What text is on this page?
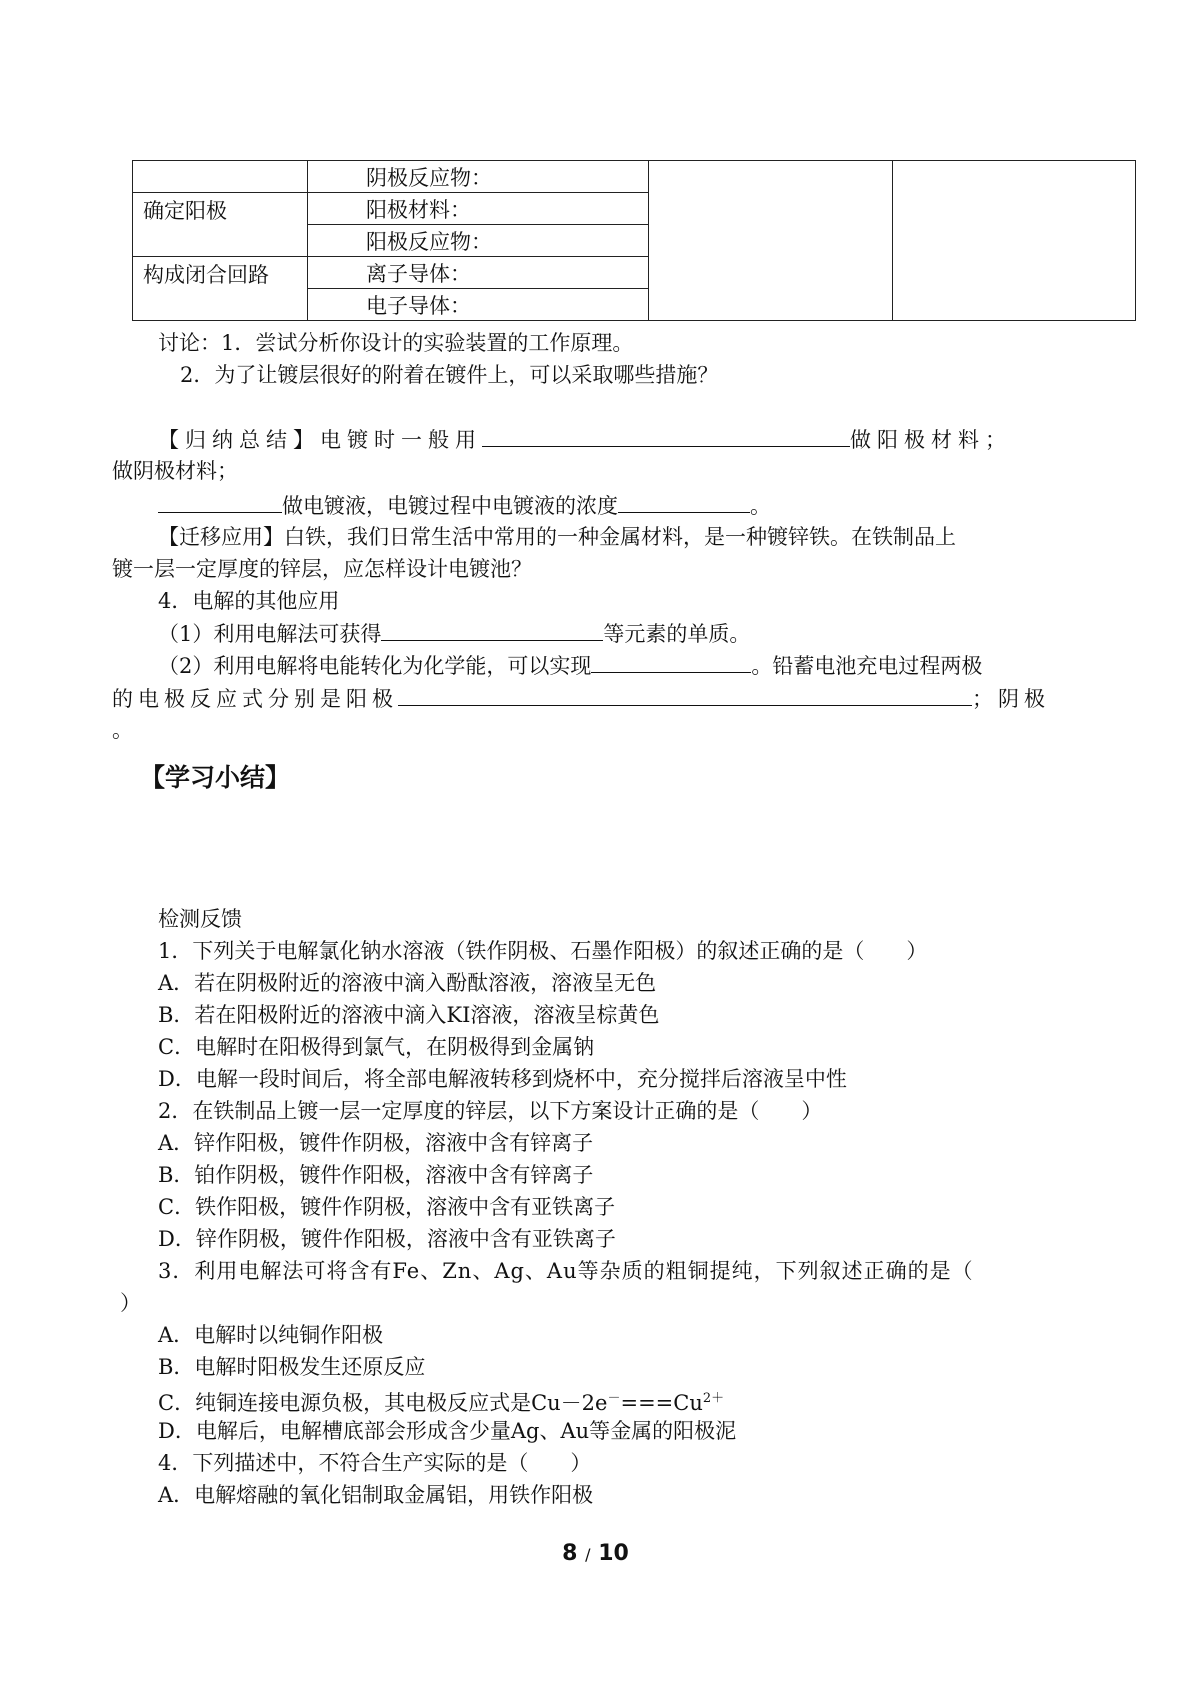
	阴极反应物：		
确定阳极	阳极材料：		
	阳极反应物：		
构成闭合回路	离子导体：		
	电子导体：		
讨论：1．尝试分析你设计的实验装置的工作原理。
2．为了让镀层很好的附着在镀件上，可以采取哪些措施？
【归纳总结】电镀时一般用	做阳极材料；
做阴极材料；
做电镀液，电镀过程中电镀液的浓度	。
【迁移应用】白铁，我们日常生活中常用的一种金属材料，是一种镀锌铁。在铁制品上
镀一层一定厚度的锌层，应怎样设计电镀池？
4．电解的其他应用
（1）利用电解法可获得	等元素的单质。
（2）利用电解将电能转化为化学能，可以实现	。铅蓄电池充电过程两极
的电极反应式分别是阳极	；阴极
。
【学习小结】
检测反馈
1．下列关于电解氯化钠水溶液（铁作阴极、石墨作阳极）的叙述正确的是（　　）
A．若在阴极附近的溶液中滴入酚酞溶液，溶液呈无色
B．若在阳极附近的溶液中滴入KI溶液，溶液呈棕黄色
C．电解时在阳极得到氯气，在阴极得到金属钠
D．电解一段时间后，将全部电解液转移到烧杯中，充分搅拌后溶液呈中性
2．在铁制品上镀一层一定厚度的锌层，以下方案设计正确的是（　　）
A．锌作阳极，镀件作阴极，溶液中含有锌离子
B．铂作阴极，镀件作阳极，溶液中含有锌离子
C．铁作阳极，镀件作阴极，溶液中含有亚铁离子
D．锌作阴极，镀件作阳极，溶液中含有亚铁离子
3．利用电解法可将含有Fe、Zn、Ag、Au等杂质的粗铜提纯，下列叙述正确的是（
）
A．电解时以纯铜作阳极
B．电解时阳极发生还原反应
C．纯铜连接电源负极，其电极反应式是$Cu-2e^-===Cu^{2+}$
D．电解后，电解槽底部会形成含少量Ag、Au等金属的阳极泥
4．下列描述中，不符合生产实际的是（　　）
A．电解熔融的氧化铝制取金属铝，用铁作阳极
8 / 10
